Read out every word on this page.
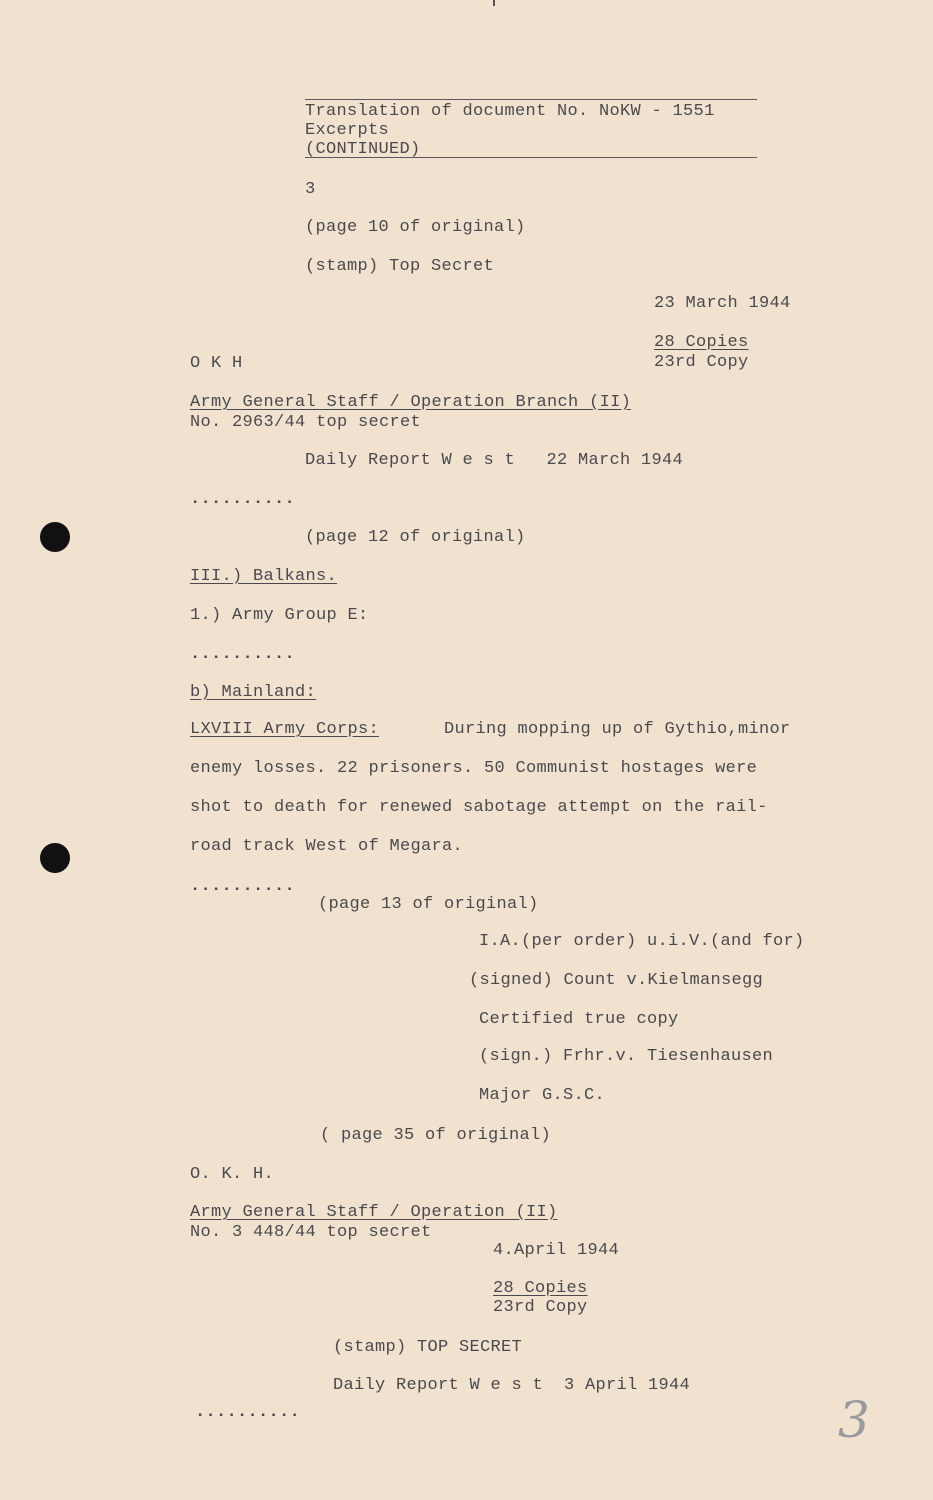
Translation of document No. NoKW - 1551
Excerpts
(CONTINUED)
3
(page 10 of original)
(stamp) Top Secret
23 March 1944
28 Copies
23rd Copy
O K H
Army General Staff / Operation Branch (II)
No. 2963/44 top secret
Daily Report W e s t   22 March 1944
..........
(page 12 of original)
III.) Balkans.
1.) Army Group E:
..........
b) Mainland:
LXVIII Army Corps:	During mopping up of Gythio,minor
enemy losses. 22 prisoners. 50 Communist hostages were
shot to death for renewed sabotage attempt on the rail-
road track West of Megara.
..........
(page 13 of original)
I.A.(per order) u.i.V.(and for)
(signed) Count v.Kielmansegg
Certified true copy
(sign.) Frhr.v. Tiesenhausen
Major G.S.C.
( page 35 of original)
O. K. H.
Army General Staff / Operation (II)
No. 3 448/44 top secret
4.April 1944
28 Copies
23rd Copy
(stamp) TOP SECRET
Daily Report W e s t  3 April 1944
..........	3
